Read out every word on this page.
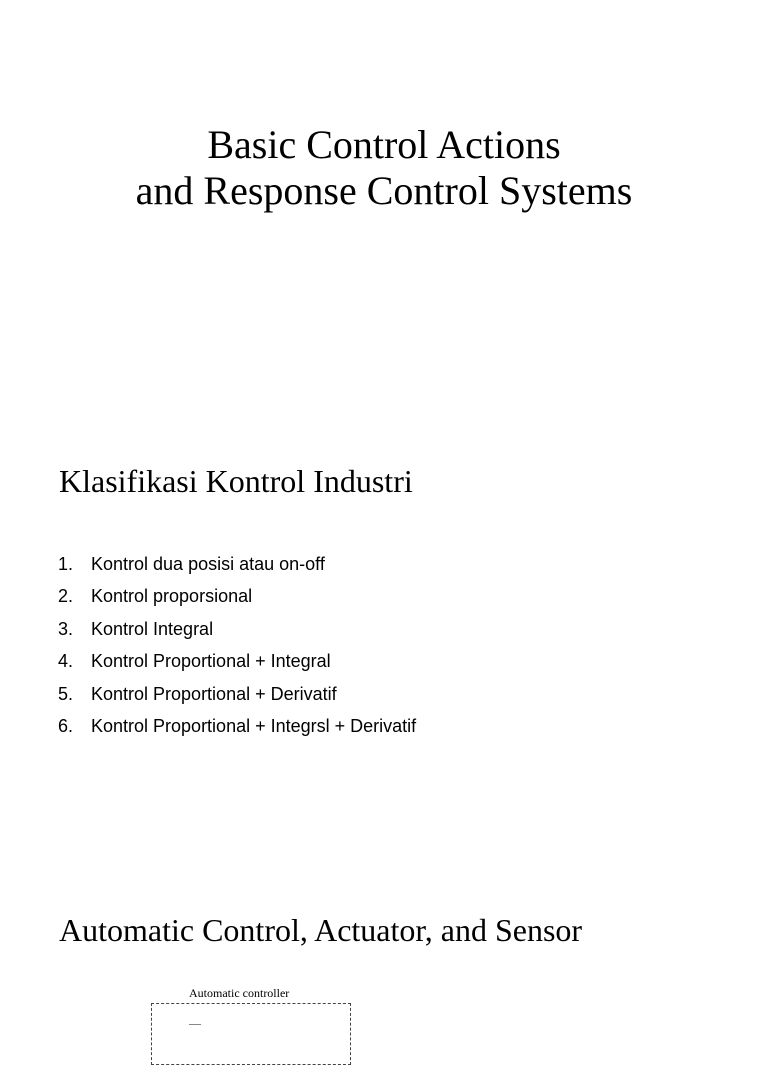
Basic Control Actions
and Response Control Systems
Klasifikasi Kontrol Industri
1. Kontrol dua posisi atau on-off
2. Kontrol proporsional
3. Kontrol Integral
4. Kontrol Proportional + Integral
5. Kontrol Proportional + Derivatif
6. Kontrol Proportional + Integrsl + Derivatif
Automatic Control, Actuator, and Sensor
Automatic controller
—
